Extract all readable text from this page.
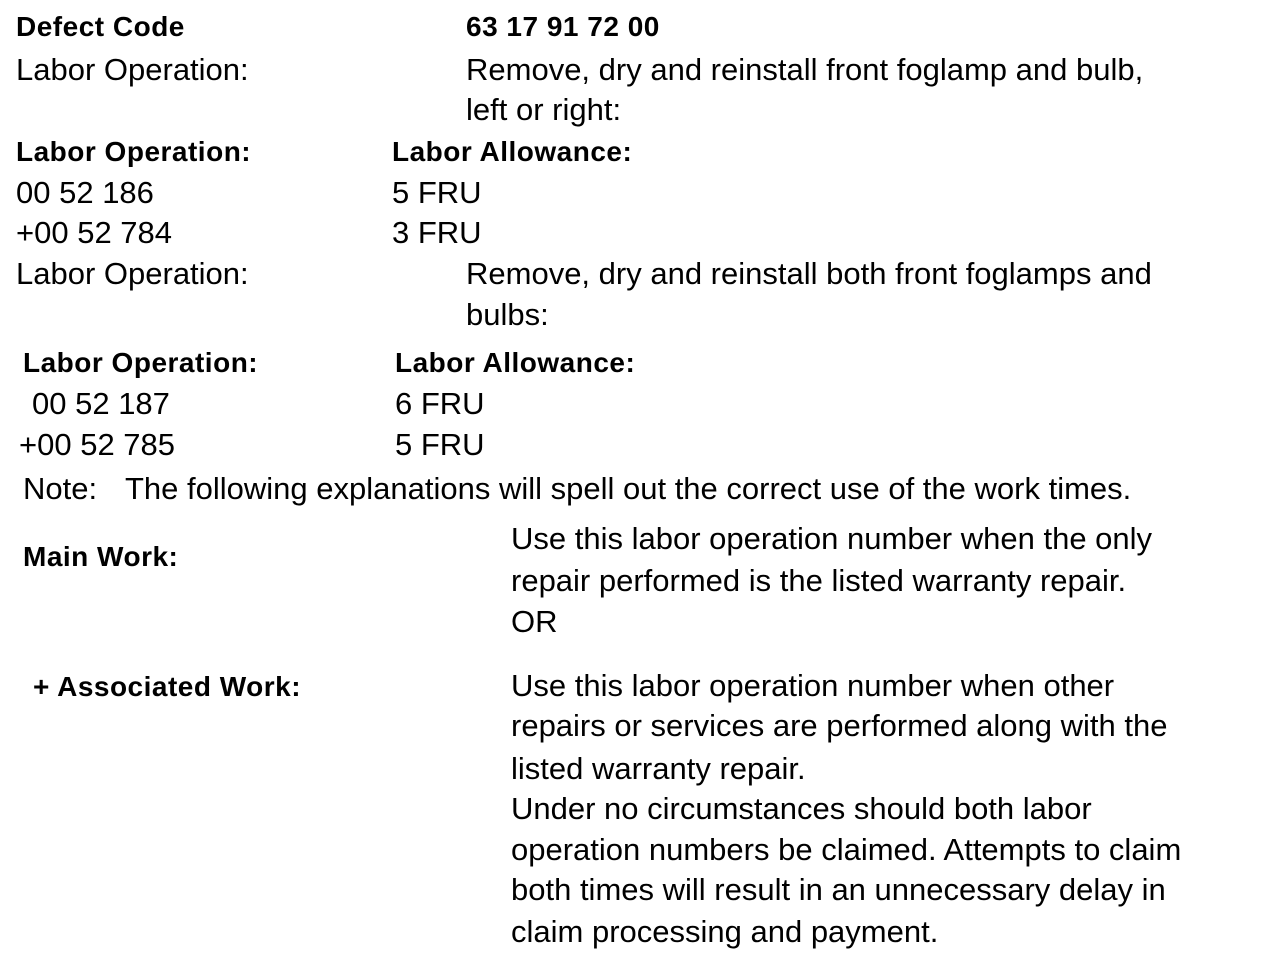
Defect Code	63 17 91 72 00
Labor Operation:	Remove, dry and reinstall front foglamp and bulb,
left or right:
Labor Operation:	Labor Allowance:
00 52 186	5 FRU
+00 52 784	3 FRU
Labor Operation:	Remove, dry and reinstall both front foglamps and
bulbs:
Labor Operation:	Labor Allowance:
00 52 187	6 FRU
+00 52 785	5 FRU
Note: The following explanations will spell out the correct use of the work times.
Main Work:
Use this labor operation number when the only
repair performed is the listed warranty repair.
OR
+ Associated Work:	Use this labor operation number when other
repairs or services are performed along with the
listed warranty repair.
Under no circumstances should both labor
operation numbers be claimed. Attempts to claim
both times will result in an unnecessary delay in
claim processing and payment.
